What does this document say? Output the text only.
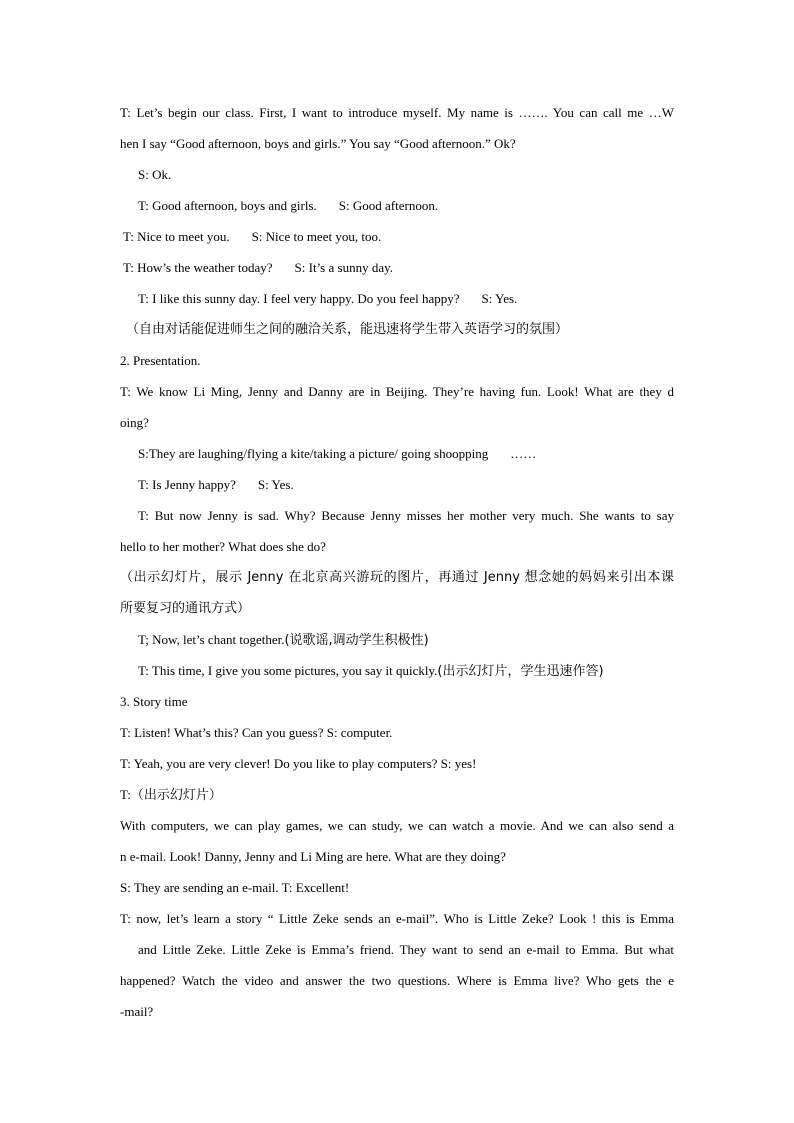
T: Let’s begin our class. First, I want to introduce myself. My name is ……. You can call me …W
hen I say “Good afternoon, boys and girls.” You say “Good afternoon.” Ok?
S: Ok.
T: Good afternoon, boys and girls. S: Good afternoon.
T: Nice to meet you. S: Nice to meet you, too.
T: How’s the weather today? S: It’s a sunny day.
T: I like this sunny day. I feel very happy. Do you feel happy? S: Yes.
（自由对话能促进师生之间的融洽关系，能迅速将学生带入英语学习的氛围）
2. Presentation.
T: We know Li Ming, Jenny and Danny are in Beijing. They’re having fun. Look! What are they d
oing?
S:They are laughing/flying a kite/taking a picture/ going shoopping ……
T: Is Jenny happy? S: Yes.
T: But now Jenny is sad. Why? Because Jenny misses her mother very much. She wants to say
hello to her mother? What does she do?
（出示幻灯片，展示 Jenny 在北京高兴游玩的图片，再通过 Jenny 想念她的妈妈来引出本课
所要复习的通讯方式）
T; Now, let’s chant together.(说歌谣,调动学生积极性)
T: This time, I give you some pictures, you say it quickly.(出示幻灯片，学生迅速作答)
3. Story time
T: Listen! What’s this? Can you guess? S: computer.
T: Yeah, you are very clever! Do you like to play computers? S: yes!
T:（出示幻灯片）
With computers, we can play games, we can study, we can watch a movie. And we can also send a
n e-mail. Look! Danny, Jenny and Li Ming are here. What are they doing?
S: They are sending an e-mail. T: Excellent!
T: now, let’s learn a story “ Little Zeke sends an e-mail”. Who is Little Zeke? Look ! this is Emma
and Little Zeke. Little Zeke is Emma’s friend. They want to send an e-mail to Emma. But what
happened? Watch the video and answer the two questions. Where is Emma live? Who gets the e
-mail?
